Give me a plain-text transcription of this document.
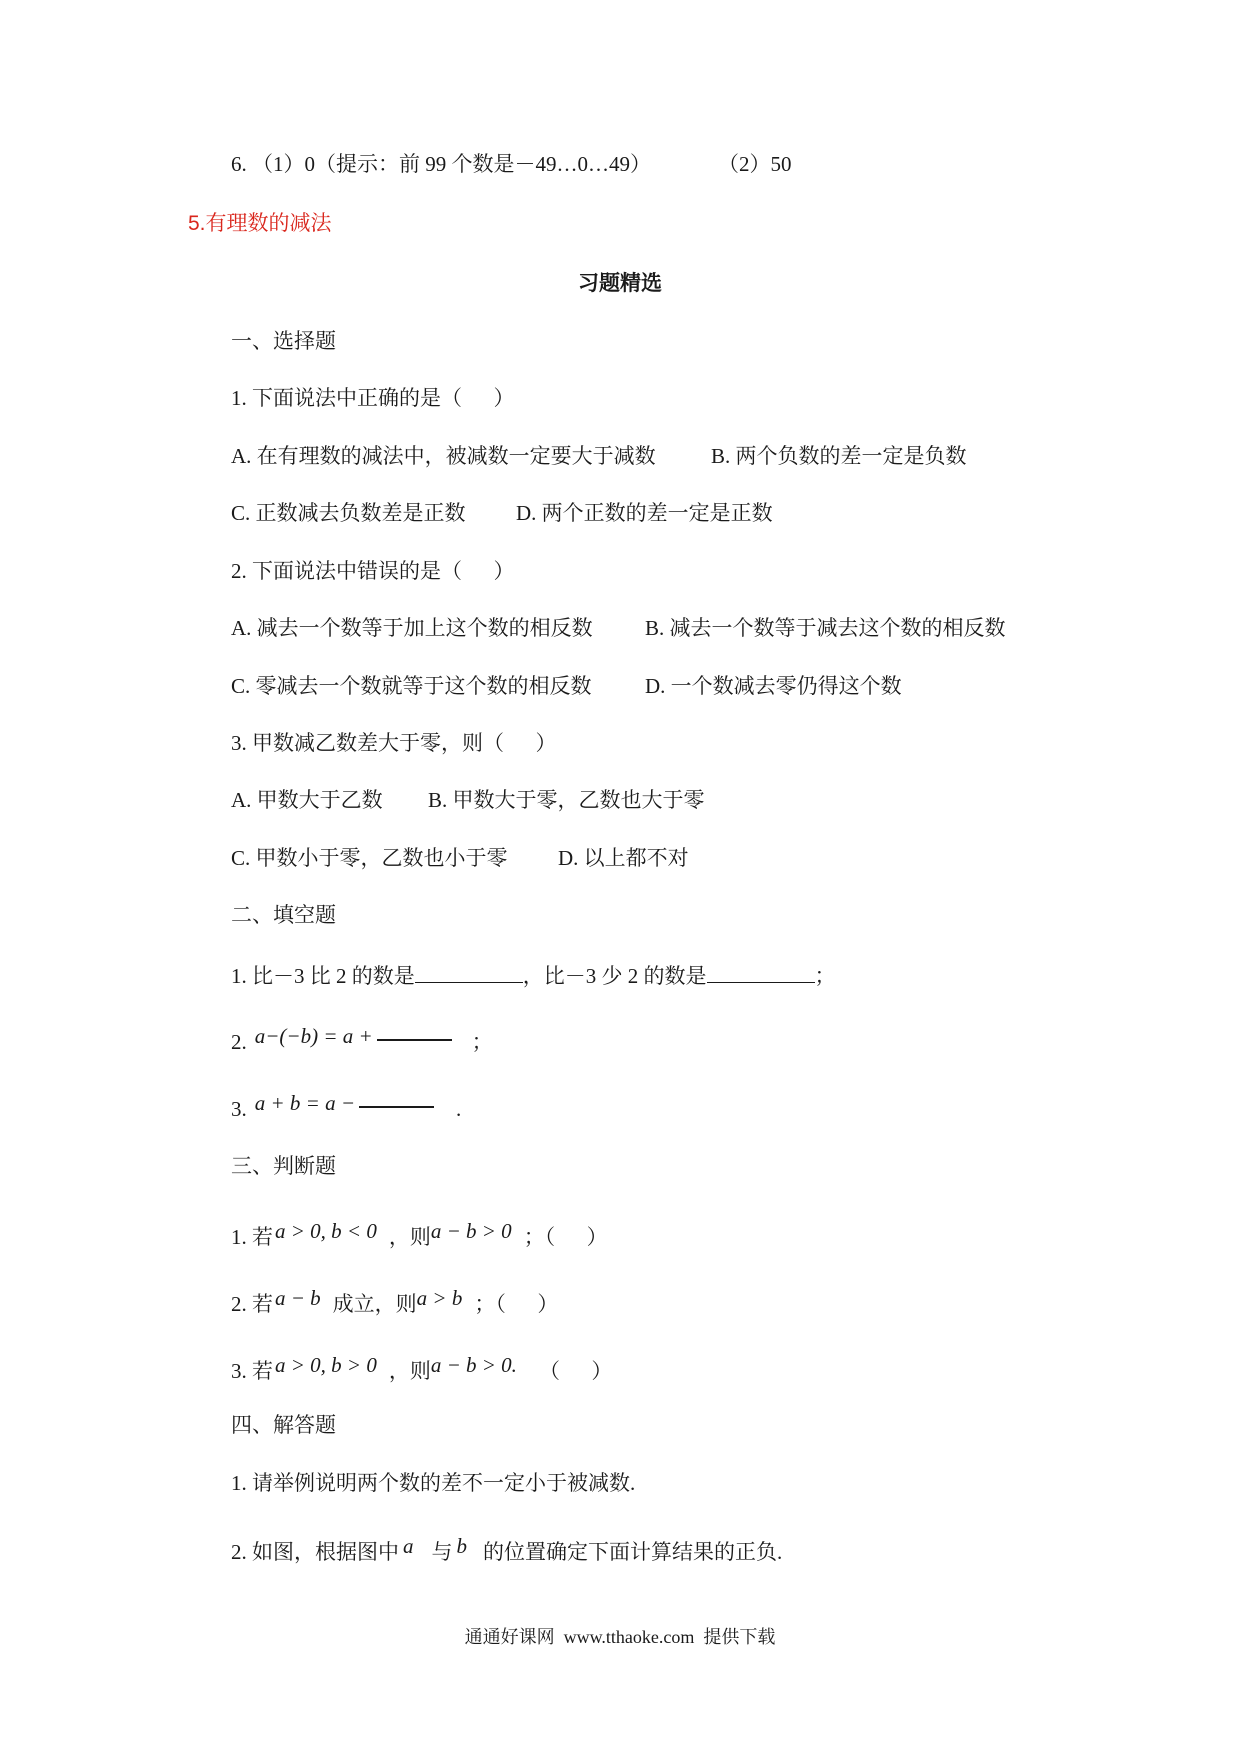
6. （1）0（提示：前 99 个数是－49…0…49）	（2）50
5.有理数的减法
习题精选
一、选择题
1. 下面说法中正确的是（      ）
A. 在有理数的减法中，被减数一定要大于减数	B. 两个负数的差一定是负数
C. 正数减去负数差是正数 D. 两个正数的差一定是正数
2. 下面说法中错误的是（      ）
A. 减去一个数等于加上这个数的相反数 B. 减去一个数等于减去这个数的相反数
C. 零减去一个数就等于这个数的相反数	D. 一个数减去零仍得这个数
3. 甲数减乙数差大于零，则（      ）
A. 甲数大于乙数 B. 甲数大于零，乙数也大于零
C. 甲数小于零，乙数也小于零 D. 以上都不对
二、填空题
1. 比－3 比 2 的数是	，比－3 少 2 的数是	；
2. a−(−b) = a +	；
3. a + b = a −	.
三、判断题
1. 若a > 0, b < 0 ，则a − b > 0 ；（      ）
2. 若a − b 成立，则a > b ；（      ）
3. 若a > 0, b > 0 ，则a − b > 0. （      ）
四、解答题
1. 请举例说明两个数的差不一定小于被减数.
2. 如图，根据图中 a 与 b 的位置确定下面计算结果的正负.
通通好课网  www.tthaoke.com  提供下载
